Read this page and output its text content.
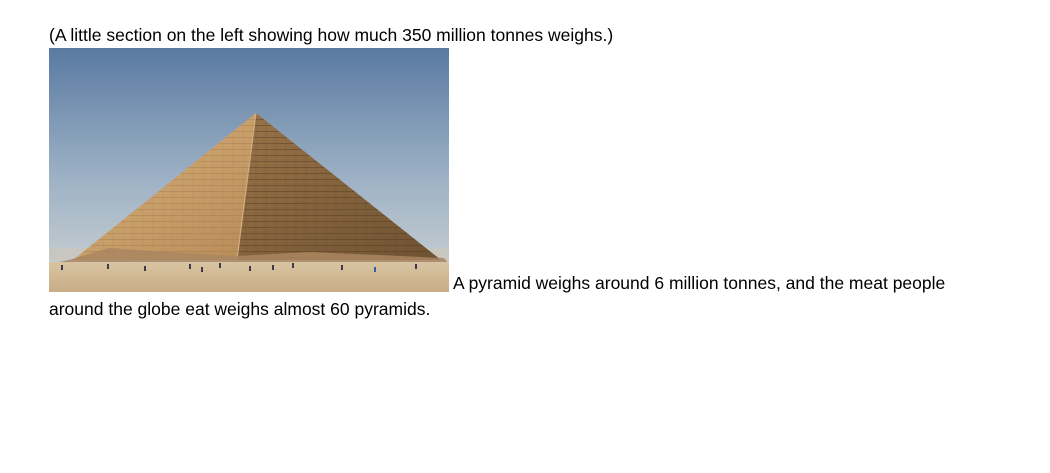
(A little section on the left showing how much 350 million tonnes weighs.)

A pyramid weighs around 6 million tonnes, and the meat people around the globe eat weighs almost 60 pyramids.
